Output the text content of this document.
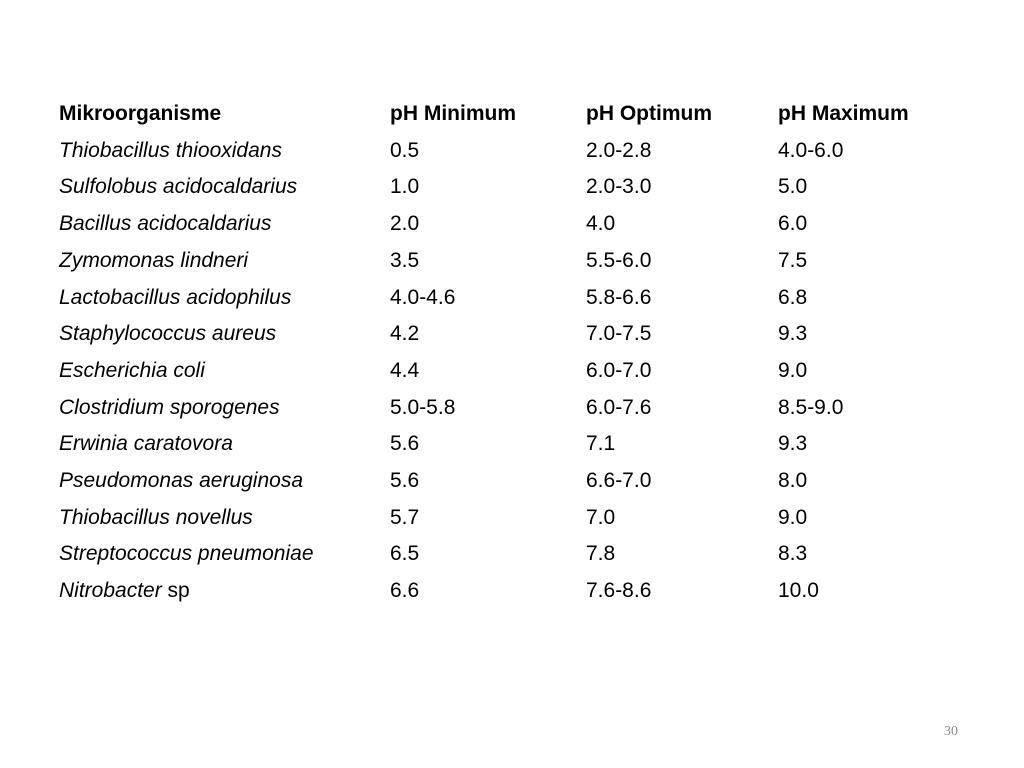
Mikroorganisme	pH Minimum	pH Optimum	pH Maximum
Thiobacillus thiooxidans	0.5	2.0-2.8	4.0-6.0
Sulfolobus acidocaldarius	1.0	2.0-3.0	5.0
Bacillus acidocaldarius	2.0	4.0	6.0
Zymomonas lindneri	3.5	5.5-6.0	7.5
Lactobacillus acidophilus	4.0-4.6	5.8-6.6	6.8
Staphylococcus aureus	4.2	7.0-7.5	9.3
Escherichia coli	4.4	6.0-7.0	9.0
Clostridium sporogenes	5.0-5.8	6.0-7.6	8.5-9.0
Erwinia caratovora	5.6	7.1	9.3
Pseudomonas aeruginosa	5.6	6.6-7.0	8.0
Thiobacillus novellus	5.7	7.0	9.0
Streptococcus pneumoniae	6.5	7.8	8.3
Nitrobacter sp	6.6	7.6-8.6	10.0
30
